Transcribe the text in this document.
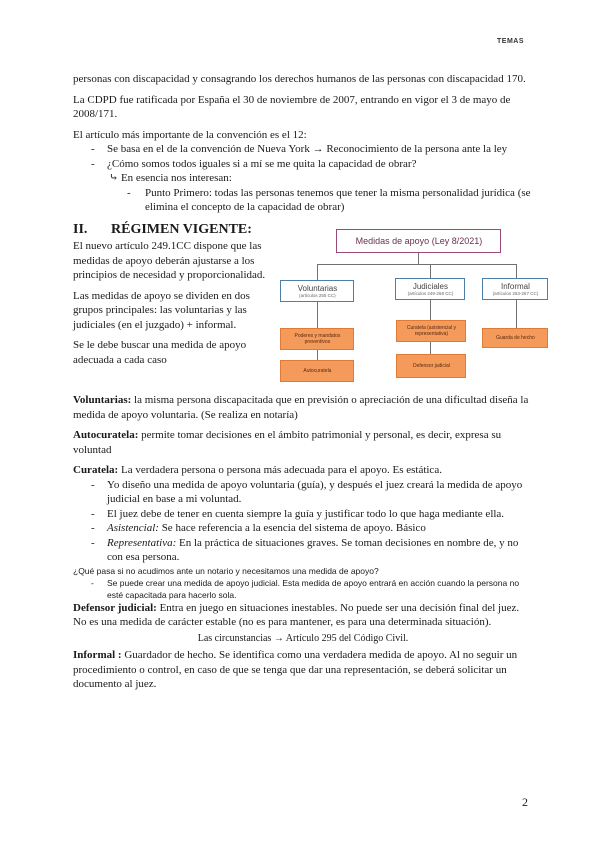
TEMAS

personas con discapacidad y consagrando los derechos humanos de las personas con discapacidad 170.

La CDPD fue ratificada por España el 30 de noviembre de 2007, entrando en vigor el 3 de mayo de 2008/171.

El artículo más importante de la convención es el 12:

- Se basa en el de la convención de Nueva York → Reconocimiento de la persona ante la ley
- ¿Cómo somos todos iguales si a mí se me quita la capacidad de obrar?

⤷ En esencia nos interesan:

- Punto Primero: todas las personas tenemos que tener la misma personalidad jurídica (se elimina el concepto de la capacidad de obrar)
II.	RÉGIMEN VIGENTE:

El nuevo artículo 249.1CC dispone que las medidas de apoyo deberán ajustarse a los principios de necesidad y proporcionalidad.

Las medidas de apoyo se dividen en dos grupos principales: las voluntarias y las judiciales (en el juzgado) + informal.

Se le debe buscar una medida de apoyo adecuada a cada caso

Medidas de apoyo (Ley 8/2021)
Voluntarias
(artículos 255 CC)
Judiciales
(artículos 249-268 CC)
Informal
(artículos 263-267 CC)
Poderes y mandatos preventivos
Curatela (asistencial y representativa)
Guarda de hecho
Autocuratela
Defensor judicial

Voluntarias: la misma persona discapacitada que en previsión o apreciación de una dificultad diseña la medida de apoyo voluntaria. (Se realiza en notaría)

Autocuratela: permite tomar decisiones en el ámbito patrimonial y personal, es decir, expresa su voluntad

Curatela: La verdadera persona o persona más adecuada para el apoyo. Es estática.

- Yo diseño una medida de apoyo voluntaria (guía), y después el juez creará la medida de apoyo judicial en base a mi voluntad.
- El juez debe de tener en cuenta siempre la guía y justificar todo lo que haga mediante ella.
- Asistencial: Se hace referencia a la esencia del sistema de apoyo. Básico
- Representativa: En la práctica de situaciones graves. Se toman decisiones en nombre de, y no con esa persona.

¿Qué pasa si no acudimos ante un notario y necesitamos una medida de apoyo?

- Se puede crear una medida de apoyo judicial. Esta medida de apoyo entrará en acción cuando la persona no esté capacitada para hacerlo sola.

Defensor judicial: Entra en juego en situaciones inestables. No puede ser una decisión final del juez. No es una medida de carácter estable (no es para mantener, es para una determinada situación).

Las circunstancias → Artículo 295 del Código Civil.

Informal : Guardador de hecho. Se identifica como una verdadera medida de apoyo. Al no seguir un procedimiento o control, en caso de que se tenga que dar una representación, se deberá solicitar un documento al juez.

2
